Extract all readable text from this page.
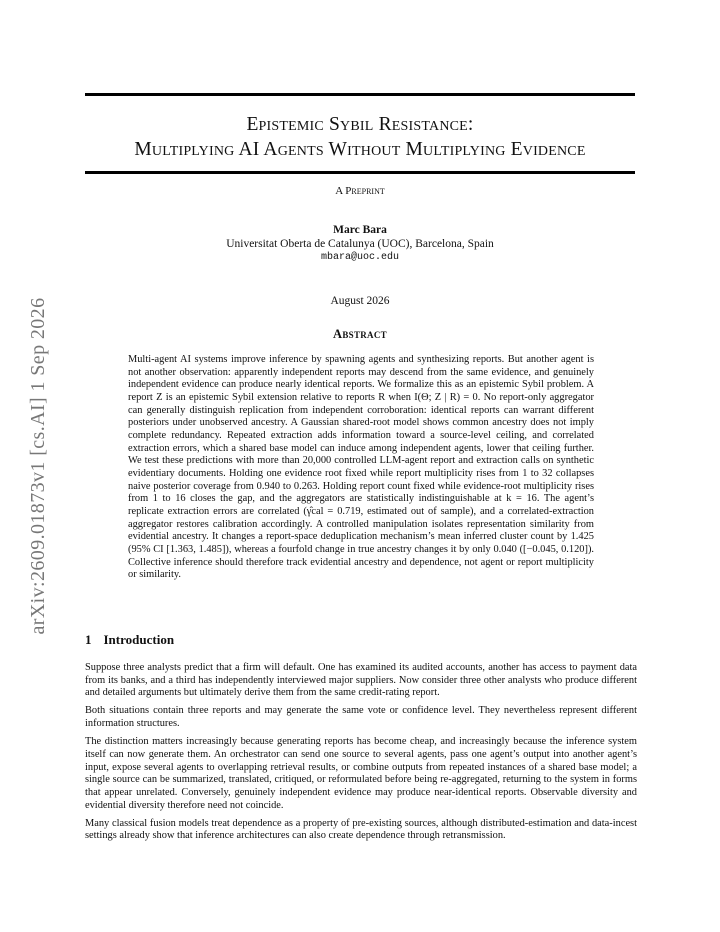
arXiv:2609.01873v1 [cs.AI] 1 Sep 2026
Epistemic Sybil Resistance:
Multiplying AI Agents Without Multiplying Evidence
A Preprint
Marc Bara
Universitat Oberta de Catalunya (UOC), Barcelona, Spain
mbara@uoc.edu
August 2026
Abstract
Multi-agent AI systems improve inference by spawning agents and synthesizing reports. But another agent is not another observation: apparently independent reports may descend from the same evidence, and genuinely independent evidence can produce nearly identical reports. We formalize this as an epistemic Sybil problem. A report Z is an epistemic Sybil extension relative to reports R when I(Θ; Z | R) = 0. No report-only aggregator can generally distinguish replication from independent corroboration: identical reports can warrant different posteriors under unobserved ancestry. A Gaussian shared-root model shows common ancestry does not imply complete redundancy. Repeated extraction adds information toward a source-level ceiling, and correlated extraction errors, which a shared base model can induce among independent agents, lower that ceiling further. We test these predictions with more than 20,000 controlled LLM-agent report and extraction calls on synthetic evidentiary documents. Holding one evidence root fixed while report multiplicity rises from 1 to 32 collapses naive posterior coverage from 0.940 to 0.263. Holding report count fixed while evidence-root multiplicity rises from 1 to 16 closes the gap, and the aggregators are statistically indistinguishable at k = 16. The agent’s replicate extraction errors are correlated (γ̂cal = 0.719, estimated out of sample), and a correlated-extraction aggregator restores calibration accordingly. A controlled manipulation isolates representation similarity from evidential ancestry. It changes a report-space deduplication mechanism’s mean inferred cluster count by 1.425 (95% CI [1.363, 1.485]), whereas a fourfold change in true ancestry changes it by only 0.040 ([−0.045, 0.120]). Collective inference should therefore track evidential ancestry and dependence, not agent or report multiplicity or similarity.
1 Introduction

Suppose three analysts predict that a firm will default. One has examined its audited accounts, another has access to payment data from its banks, and a third has independently interviewed major suppliers. Now consider three other analysts who produce different and detailed arguments but ultimately derive them from the same credit-rating report.

Both situations contain three reports and may generate the same vote or confidence level. They nevertheless represent different information structures.

The distinction matters increasingly because generating reports has become cheap, and increasingly because the inference system itself can now generate them. An orchestrator can send one source to several agents, pass one agent’s output into another agent’s input, expose several agents to overlapping retrieval results, or combine outputs from repeated instances of a shared base model; a single source can be summarized, translated, critiqued, or reformulated before being re-aggregated, returning to the system in forms that appear unrelated. Conversely, genuinely independent evidence may produce near-identical reports. Observable diversity and evidential diversity therefore need not coincide.

Many classical fusion models treat dependence as a property of pre-existing sources, although distributed-estimation and data-incest settings already show that inference architectures can also create dependence through retransmission.
